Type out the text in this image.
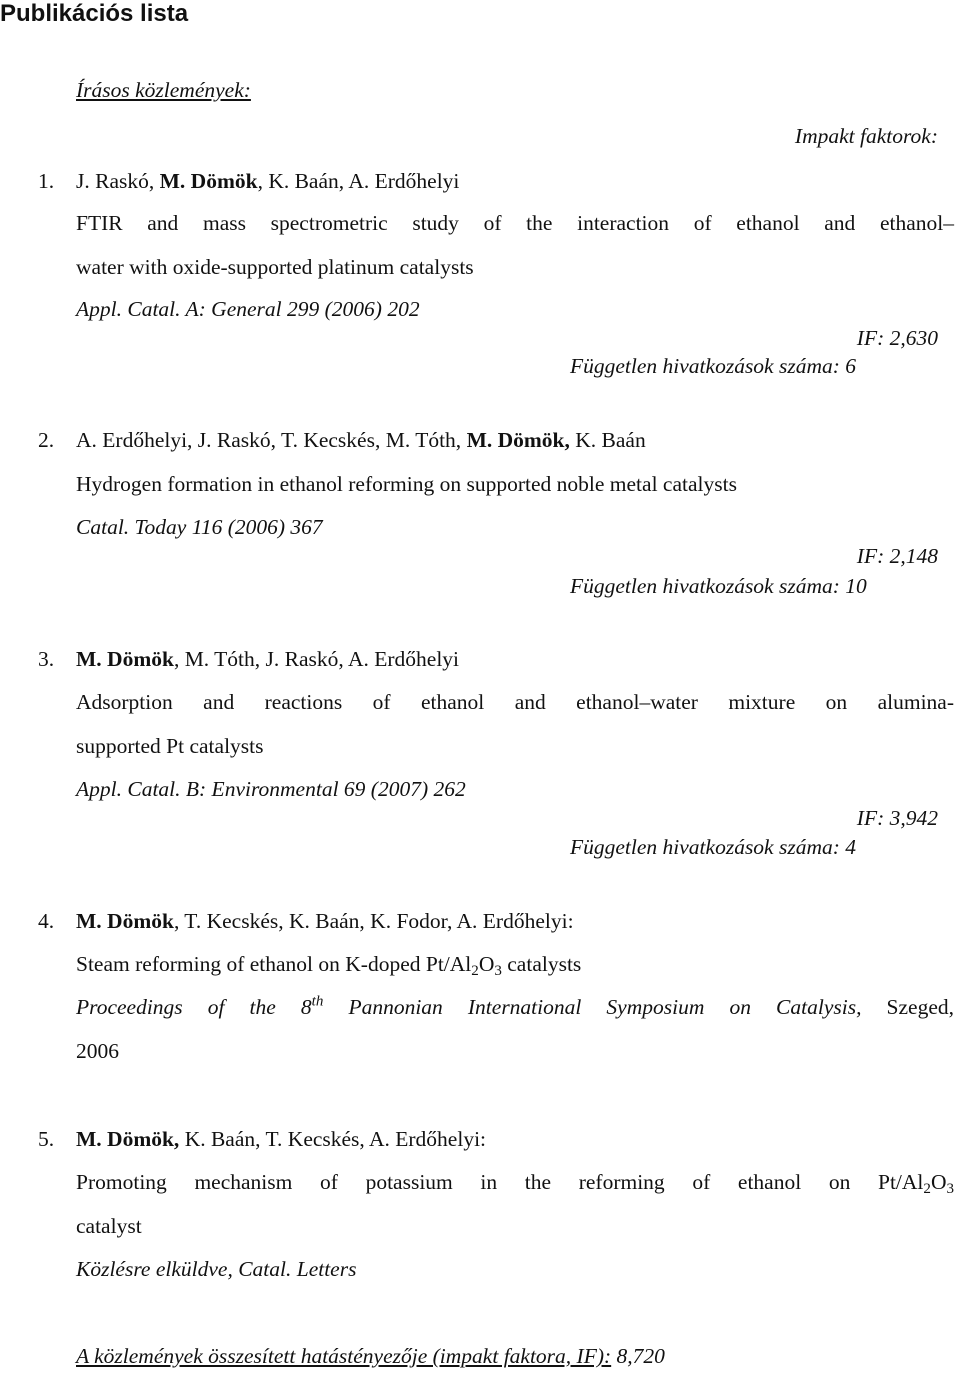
Publikációs lista
Írásos közlemények:
Impakt faktorok:
1. J. Raskó, M. Dömök, K. Baán, A. Erdőhelyi
FTIR and mass spectrometric study of the interaction of ethanol and ethanol–
water with oxide-supported platinum catalysts
Appl. Catal. A: General 299 (2006) 202
IF: 2,630
Független hivatkozások száma: 6
2. A. Erdőhelyi, J. Raskó, T. Kecskés, M. Tóth, M. Dömök, K. Baán
Hydrogen formation in ethanol reforming on supported noble metal catalysts
Catal. Today 116 (2006) 367
IF: 2,148
Független hivatkozások száma: 10
3. M. Dömök, M. Tóth, J. Raskó, A. Erdőhelyi
Adsorption and reactions of ethanol and ethanol–water mixture on alumina-
supported Pt catalysts
Appl. Catal. B: Environmental 69 (2007) 262
IF: 3,942
Független hivatkozások száma: 4
4. M. Dömök, T. Kecskés, K. Baán, K. Fodor, A. Erdőhelyi:
Steam reforming of ethanol on K-doped $Pt/Al_2O_3$ catalysts
Proceedings of the 8th Pannonian International Symposium on Catalysis, Szeged,
2006
5. M. Dömök, K. Baán, T. Kecskés, A. Erdőhelyi:
Promoting mechanism of potassium in the reforming of ethanol on $Pt/Al_2O_3$
catalyst
Közlésre elküldve, Catal. Letters
A közlemények összesített hatástényezője (impakt faktora, IF): 8,720
